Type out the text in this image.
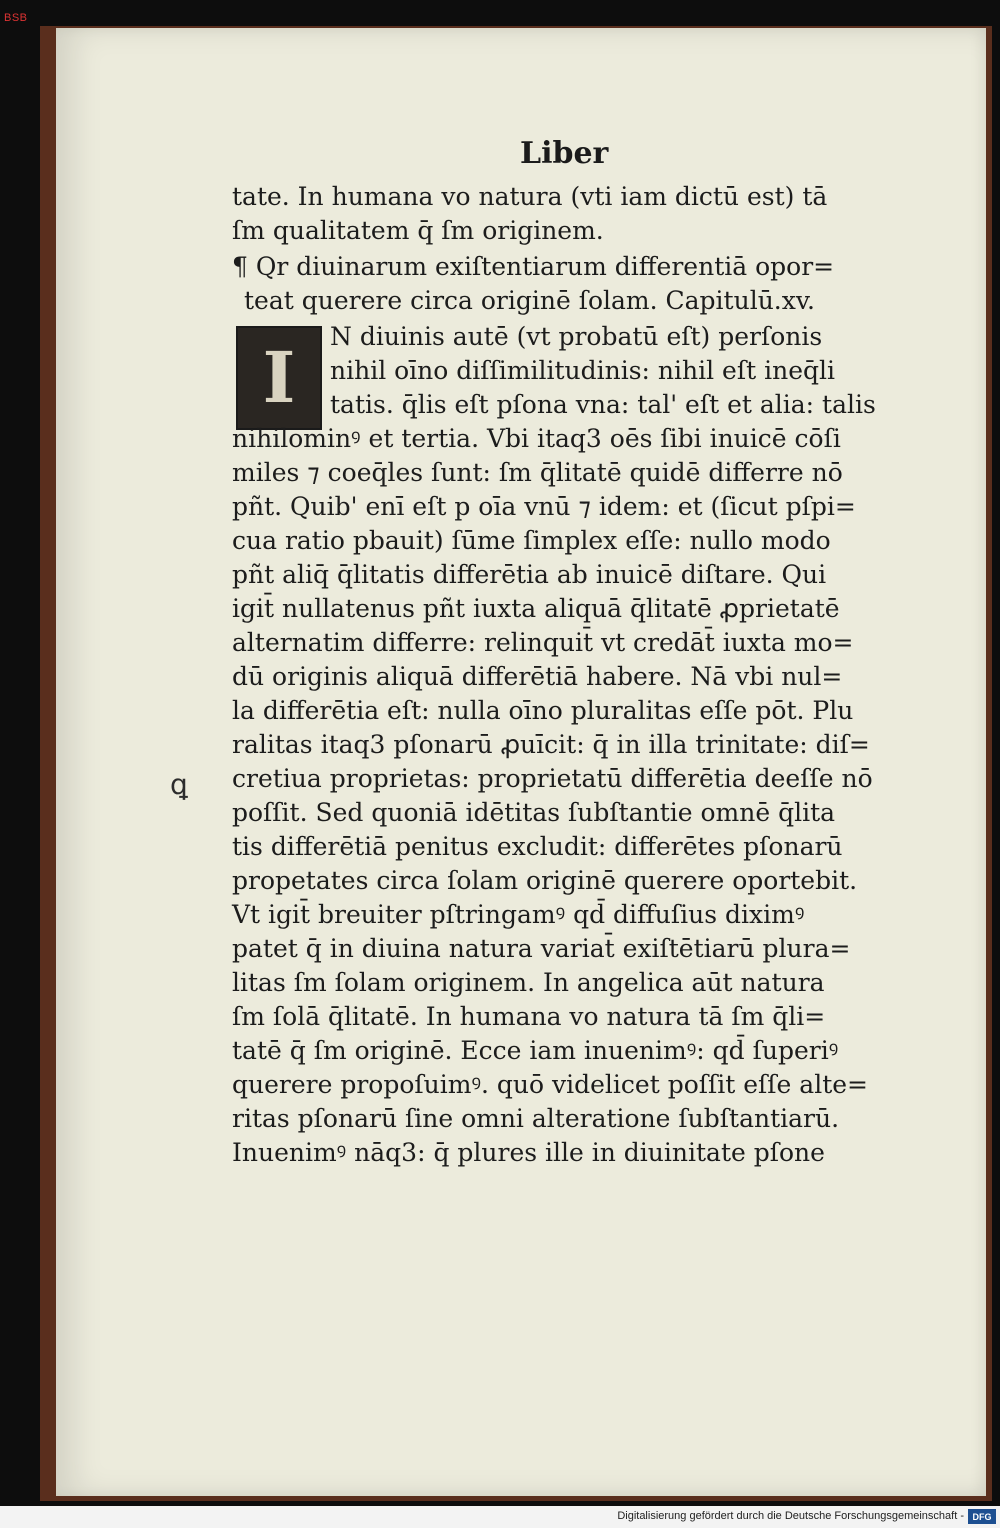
BSB
Liber
I
ꝗ
tate. In humana vo natura (vti iam dictū est) tā
ſm qualitatem q̄ ſm originem.
¶ Qr diuinarum exiſtentiarum differentiā opor=
teat querere circa originē ſolam. Capitulū.xv.
N diuinis autē (vt probatū eſt) perſonis
nihil oīno diſſimilitudinis: nihil eſt ineq̄li
tatis. q̄lis eſt pſona vna: tal' eſt et alia: talis
nihilominꝰ et tertia. Vbi itaq3 oēs ſibi inuicē cōſi
miles ⁊ coeq̄les ſunt: ſm q̄litatē quidē differre nō
pñt. Quib' enī eſt p oīa vnū ⁊ idem: et (ſicut pſpi=
cua ratio pbauit) ſūme ſimplex eſſe: nullo modo
pñt aliq̄ q̄litatis differētia ab inuicē diſtare. Qui
igit̄ nullatenus pñt iuxta aliquā q̄litatē ꝓprietatē
alternatim differre: relinquit̄ vt credāt̄ iuxta mo=
dū originis aliquā differētiā habere. Nā vbi nul=
la differētia eſt: nulla oīno pluralitas eſſe pōt. Plu
ralitas itaq3 pſonarū ꝓuīcit: q̄ in illa trinitate: diſ=
cretiua proprietas: proprietatū differētia deeſſe nō
poſſit. Sed quoniā idētitas ſubſtantie omnē q̄lita
tis differētiā penitus excludit: differētes pſonarū
propetates circa ſolam originē querere oportebit.
Vt igit̄ breuiter pſtringamꝰ qd̄ diffuſius diximꝰ
patet q̄ in diuina natura variat̄ exiſtētiarū plura=
litas ſm ſolam originem. In angelica aūt natura
ſm ſolā q̄litatē. In humana vo natura tā ſm q̄li=
tatē q̄ ſm originē. Ecce iam inuenimꝰ: qd̄ ſuperiꝰ
querere propoſuimꝰ. quō videlicet poſſit eſſe alte=
ritas pſonarū ſine omni alteratione ſubſtantiarū.
Inuenimꝰ nāq3: q̄ plures ille in diuinitate pſone
Digitalisierung gefördert durch die Deutsche Forschungsgemeinschaft - DFG
